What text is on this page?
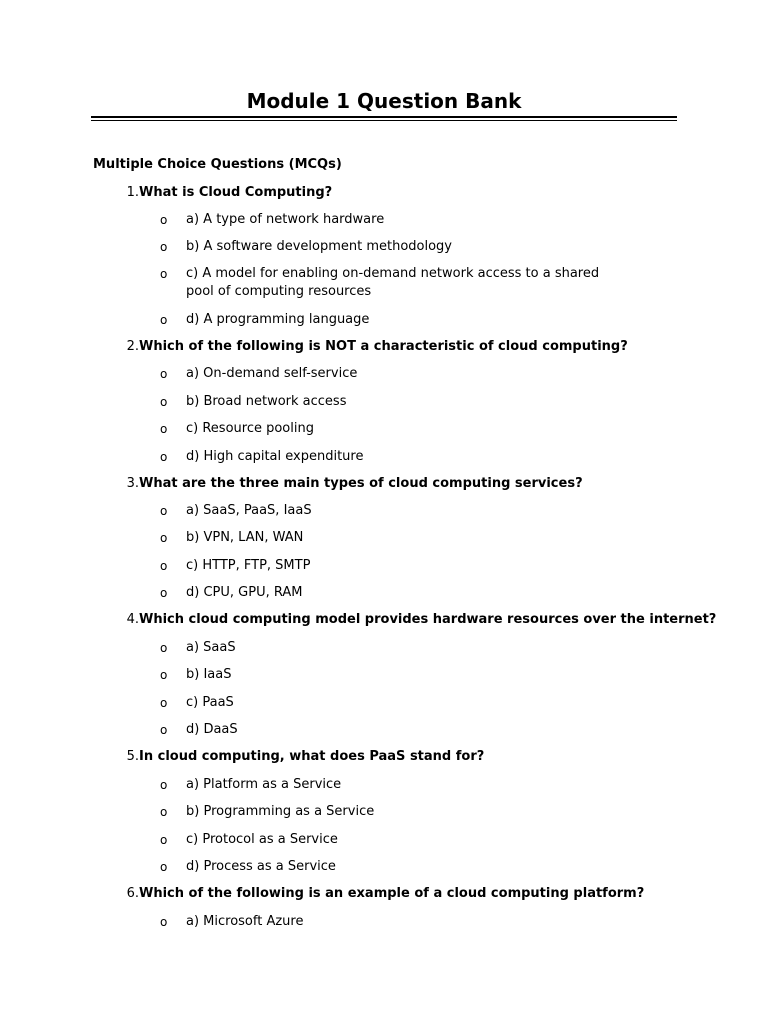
Module 1 Question Bank
Multiple Choice Questions (MCQs)
1. What is Cloud Computing?
o	a) A type of network hardware
o	b) A software development methodology
o	c) A model for enabling on-demand network access to a shared pool of computing resources
o	d) A programming language
2. Which of the following is NOT a characteristic of cloud computing?
o	a) On-demand self-service
o	b) Broad network access
o	c) Resource pooling
o	d) High capital expenditure
3. What are the three main types of cloud computing services?
o	a) SaaS, PaaS, IaaS
o	b) VPN, LAN, WAN
o	c) HTTP, FTP, SMTP
o	d) CPU, GPU, RAM
4. Which cloud computing model provides hardware resources over the internet?
o	a) SaaS
o	b) IaaS
o	c) PaaS
o	d) DaaS
5. In cloud computing, what does PaaS stand for?
o	a) Platform as a Service
o	b) Programming as a Service
o	c) Protocol as a Service
o	d) Process as a Service
6. Which of the following is an example of a cloud computing platform?
o	a) Microsoft Azure
